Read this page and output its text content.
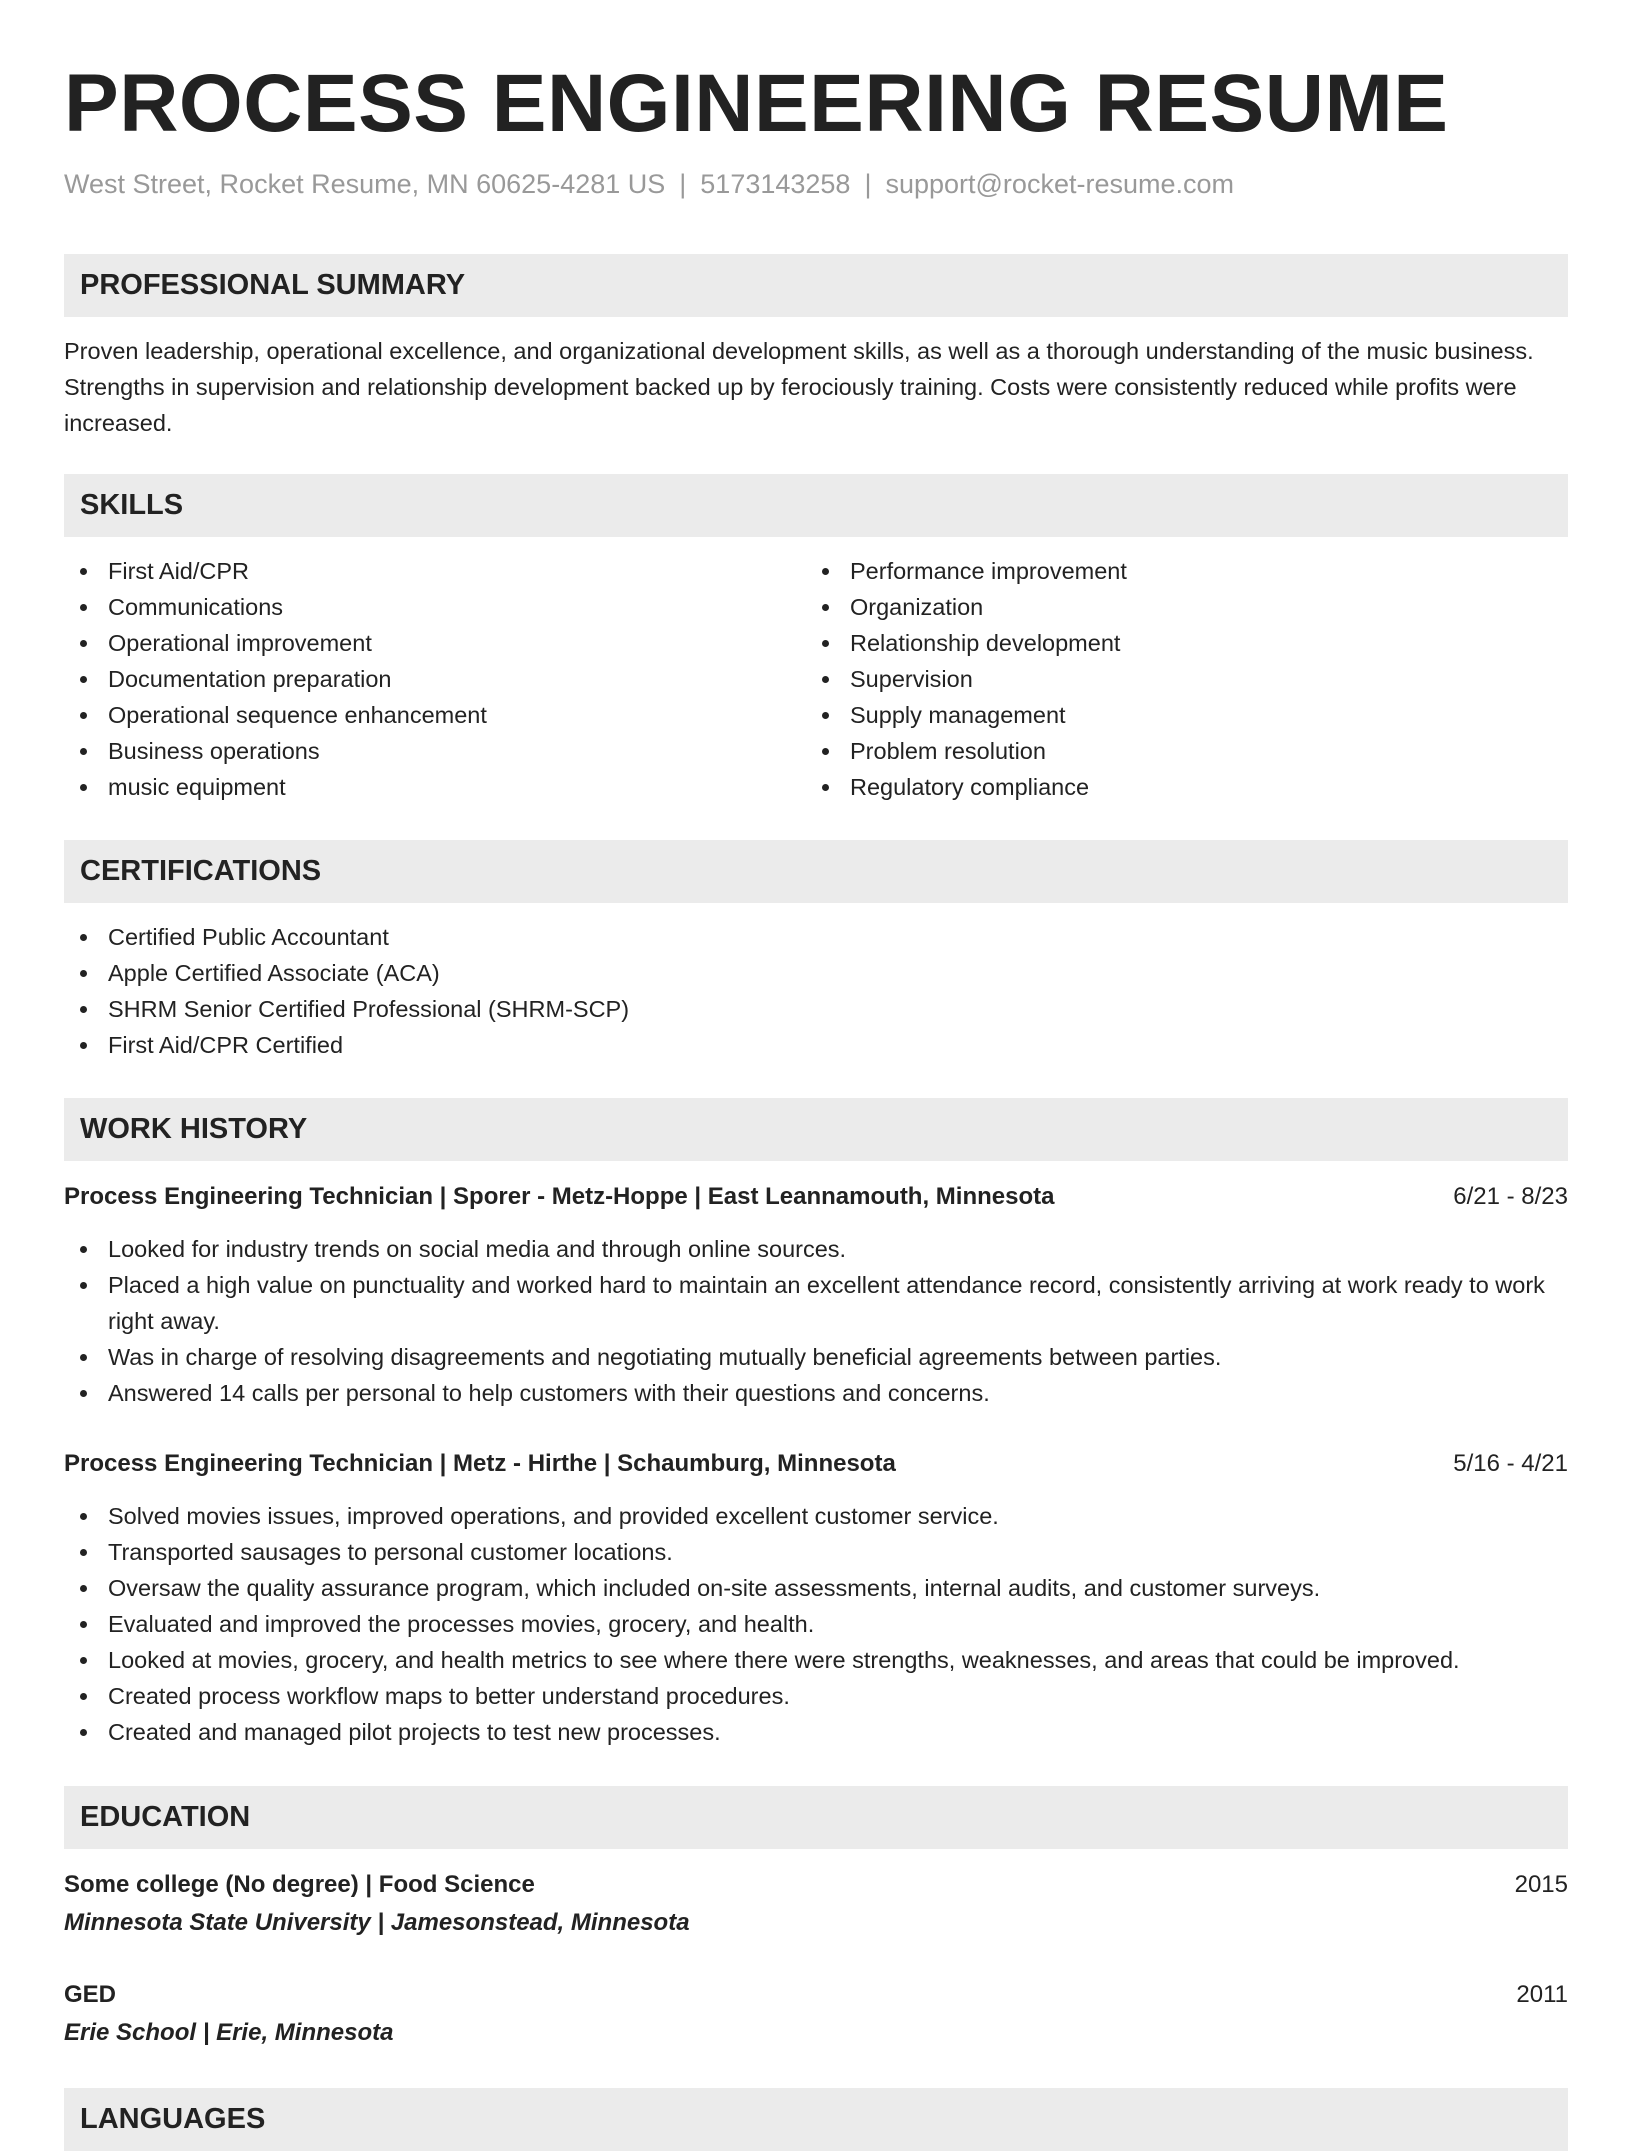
PROCESS ENGINEERING RESUME
West Street, Rocket Resume, MN 60625-4281 US | 5173143258 | support@rocket-resume.com
PROFESSIONAL SUMMARY
Proven leadership, operational excellence, and organizational development skills, as well as a thorough understanding of the music business. Strengths in supervision and relationship development backed up by ferociously training. Costs were consistently reduced while profits were increased.
SKILLS
First Aid/CPR
Communications
Operational improvement
Documentation preparation
Operational sequence enhancement
Business operations
music equipment
Performance improvement
Organization
Relationship development
Supervision
Supply management
Problem resolution
Regulatory compliance
CERTIFICATIONS
Certified Public Accountant
Apple Certified Associate (ACA)
SHRM Senior Certified Professional (SHRM-SCP)
First Aid/CPR Certified
WORK HISTORY
Process Engineering Technician | Sporer - Metz-Hoppe | East Leannamouth, Minnesota	6/21 - 8/23
Looked for industry trends on social media and through online sources.
Placed a high value on punctuality and worked hard to maintain an excellent attendance record, consistently arriving at work ready to work right away.
Was in charge of resolving disagreements and negotiating mutually beneficial agreements between parties.
Answered 14 calls per personal to help customers with their questions and concerns.
Process Engineering Technician | Metz - Hirthe | Schaumburg, Minnesota	5/16 - 4/21
Solved movies issues, improved operations, and provided excellent customer service.
Transported sausages to personal customer locations.
Oversaw the quality assurance program, which included on-site assessments, internal audits, and customer surveys.
Evaluated and improved the processes movies, grocery, and health.
Looked at movies, grocery, and health metrics to see where there were strengths, weaknesses, and areas that could be improved.
Created process workflow maps to better understand procedures.
Created and managed pilot projects to test new processes.
EDUCATION
Some college (No degree) | Food Science	2015
Minnesota State University | Jamesonstead, Minnesota
GED	2011
Erie School | Erie, Minnesota
LANGUAGES
